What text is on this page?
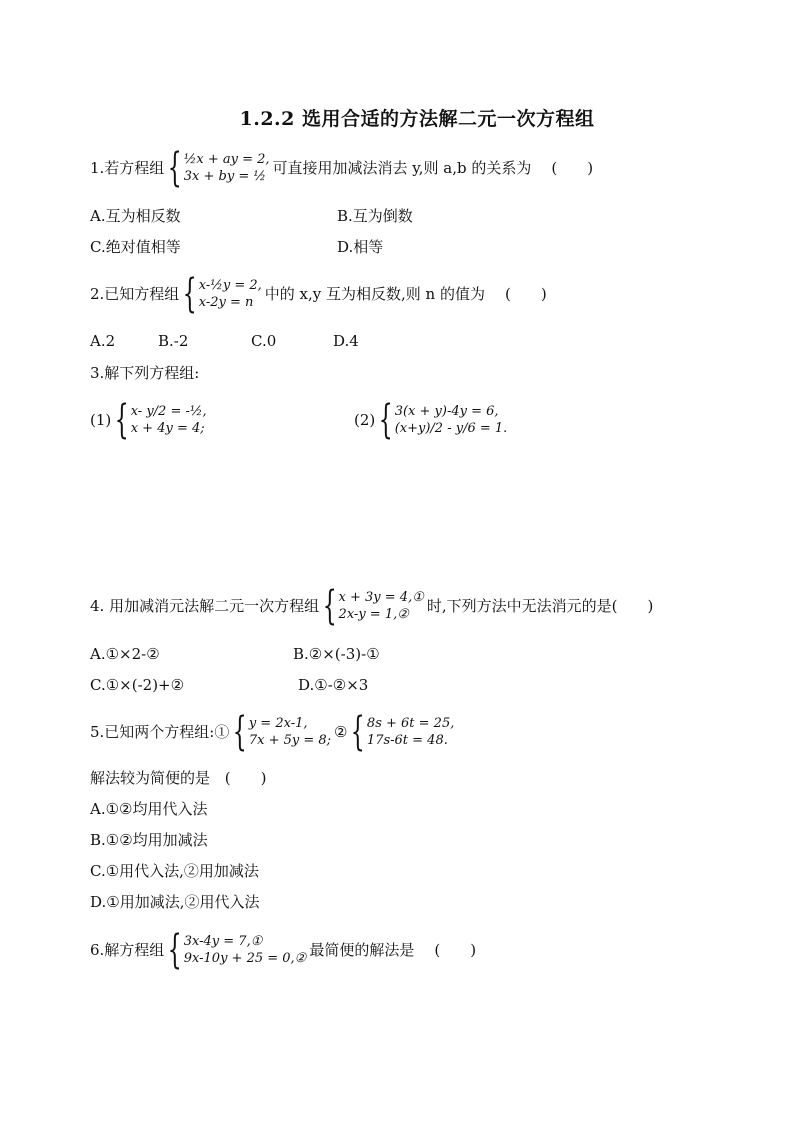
1.2.2 选用合适的方法解二元一次方程组
1.若方程组 { ½x + ay = 2,
3x + by = ½ 可直接用加减法消去 y,则 a,b 的关系为 (　　)
A.互为相反数	B.互为倒数
C.绝对值相等	D.相等
2.已知方程组 { x-½y = 2,
x-2y = n 中的 x,y 互为相反数,则 n 的值为 (　　)
A.2	B.-2	C.0	D.4
3.解下列方程组:
(1) { x- y/2 = -½,
x + 4y = 4;	(2) { 3(x + y)-4y = 6,
(x+y)/2 - y/6 = 1.
4. 用加减消元法解二元一次方程组 { x + 3y = 4,①
2x-y = 1,②	时,下列方法中无法消元的是 (　　)
A.①×2-②	B.②×(-3)-①
C.①×(-2)+②	D.①-②×3
5.已知两个方程组:① { y = 2x-1,
7x + 5y = 8; ② { 8s + 6t = 25,
17s-6t = 48.
解法较为简便的是 (　　)
A.①②均用代入法
B.①②均用加减法
C.①用代入法,②用加减法
D.①用加减法,②用代入法
6.解方程组 { 3x-4y = 7,①
9x-10y + 25 = 0,② 最简便的解法是 (　　)
